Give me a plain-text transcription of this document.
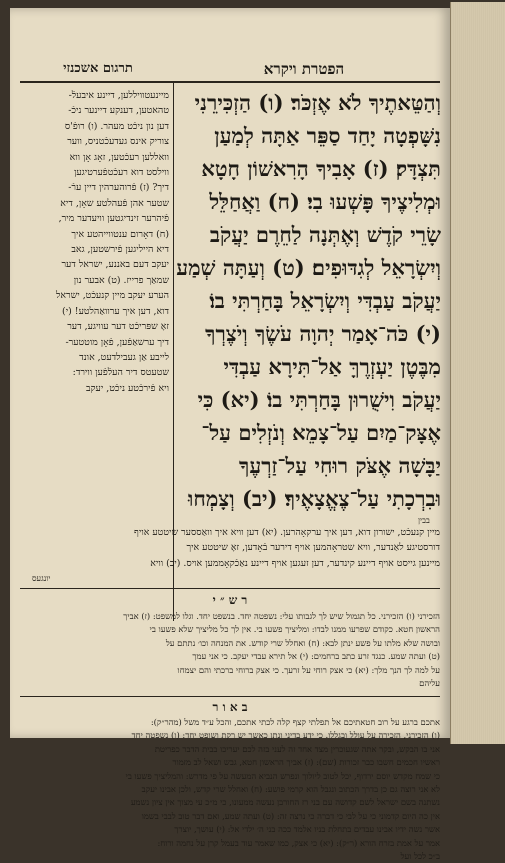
הפטרת ויקרא
תרגום אשכנזי
וְהַטֵּאתֶיךָ לֹא אֶזְכֹּר׃ (ו) הַזְכִּירֵנִי
נִשָּׁפְטָה יָחַד סַפֵּר אַתָּה לְמַעַן
תִּצְדָּק׃ (ז) אָבִיךָ הָרִאשׁוֹן חָטָא
וּמְלִיצֶיךָ פָּשְׁעוּ בִי׃ (ח) וַאֲחַלֵּל
שָׂרֵי קֹדֶשׁ וְאֶתְּנָה לַחֵרֶם יַעֲקֹב
וְיִשְׂרָאֵל לְגִדּוּפִים׃ (ט) וְעַתָּה שְׁמַע
יַעֲקֹב עַבְדִּי וְיִשְׂרָאֵל בָּחַרְתִּי בוֹ׃
(י) כֹּה־אָמַר יְהוָה עֹשֶׂךָ וְיֹצֶרְךָ
מִבֶּטֶן יַעְזְרֶךָּ אַל־תִּירָא עַבְדִּי
יַעֲקֹב וִישֻׁרוּן בָּחַרְתִּי בוֹ׃ (יא) כִּי
אֶצָּק־מַיִם עַל־צָמֵא וְנֹזְלִים עַל־
יַבָּשָׁה אֶצֹּק רוּחִי עַל־זַרְעֶךָ
וּבִרְכָתִי עַל־צֶאֱצָאֶיךָ׃ (יב) וְצָמְחוּ
בבין
מיינעטוויללען, דיינע איבעלֿ-
טהאטען, דענקע דיינער ניכֿ-
דען נון ניכֿט מעהר. (ו) רופֿ'ס
צוריק אינס געדעכֿטניס, ווער
וואללען רעכֿטען, זאָג אָן ווא
ווילסט דוא רעכֿטפֿערטיגען
דיך? (ז) פֿרוהערהין דיין ערֿ-
שטער אהן פֿעהלטע שאָן, דיא
פֿיהרער זינדיגטען וויעדער מיר,
(ח) דאָרום ענטווייהטע איך
דיא הייליגען פֿירשטען, גאב
יעקב דעם באננע, ישראל דער
שמאַך פרייז. (ט) אבער נון
הערע יעקב מיין קנעכֿט, ישראל
דוא, דען איך ערוואַהלטע! (י)
זאָ שפּריכֿט דער עוויגע, דער
דיך ערשאַפֿען, פֿאָן מוטטער-
לייבע אַן געבילדעט, אונד
שטעטס דיר העלֿפֿען ווירד:
ויא פֿירכֿטע ניכֿט, יעקב
מיין קנעכֿט, ישורון דוא, דען איך ערקאָהרען. (יא) דען וויא איך וואַססער שיטטע אויף
דורסטיגע לאַנדער, וויא שטראָהמען אויף דירער בֿאָדען, זאָ שיטטע איך
מיינען גייסט אויף דיינע קינדער, דען זעגען אויף דיינע נאַכֿקאָממען אויס. (יב) וויא
יונגעס
ר ש ״ י
הזכירני (ו) הזכירני. כל תגמול שיש לך לגבותו עלי: נשפטה יחד. בנשפט יחד. וגלו למשפט: (ז) אביך
הראשון חטא. כקודם שפרעו ממנו לבדו: ומליציך פשעו בי. אין לך כל מליציך שלא פשעו בי
ובושה שלא מלתו על פשע ינתן לבא: (ח) ואחלל שרי קודש. את המנחה וכו׳ נתתם על
(ט) ועתה שמע. כנגד זרע כתב ברחמים: (י) אל תירא עבדי יעקב. כי אני עמך
על למה לך הנך מלך: (יא) כי אצק רוחי על זרעך. כי אצק ברוחי ברכתי והם יצמחו
עליהם
ב א ו ר
אתכם ברגע על רוב חטאתיכם אל תפלתי קצף קלה לכתי אתכם, והכל ע״ד משל (מהר״ק):
(ו) הזכירני, הזכירה על עולל ובגללו. כי ידע בדיני ונתן כאשר יש רקת ושופט יחד: (ו) נשפטה יחד
אני בו הבקש, ובקר אתה שגעוכרין מצד אחד זה לעני בזה לכם יעריכו בבית הדבר כפריטת
ראשיו חכמים חשבו כבר זכורות (שם): (ז) אביך הראשון חטא, גבש ושאל לב מזמור
כי שמח מקדש יוסם ירדוף, יכל לטוב ליולוך ונפרש הנביא המעשה על פי מדרש: והמליציך פשעו בי
לא אני רוצה גם כן בדרך הכתוב ונגבל הוא קרמי פושע: (ח) ואחלל שרי קדש, ולכן אבינו יעקב
נשתנה בשם ישראל לשם קדושה עם בני רז החורבן נעשה ממעונו, כי מ״כ עי מצוך אין ציון נשמע
אין כה היום קדמוני כי על לבי כי דברה כי נרצה זה: (ט) ועתה שמע, ואם דבר טוב לבבי בשמו
אשר נשה ידיו אבינו עבדים בתחלת בניו אלמד ככה בני ה׳ ילדי אל: (י) עושך, יוצרך
אמר על אמת בזרח הורא (ר״ק): (יא) כי אצק, כמו שאמר עוד בעמל קרן על נחמה ורוח:
ב״כ לכל ועל
